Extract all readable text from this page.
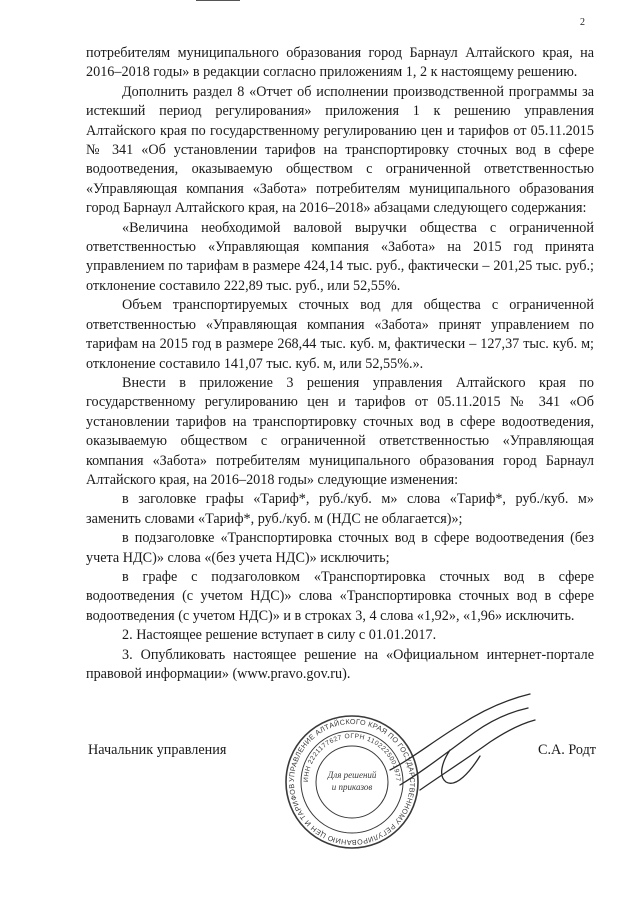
2

потребителям муниципального образования город Барнаул Алтайского края, на 2016–2018 годы» в редакции согласно приложениям 1, 2 к настоящему решению.

Дополнить раздел 8 «Отчет об исполнении производственной программы за истекший период регулирования» приложения 1 к решению управления Алтайского края по государственному регулированию цен и тарифов от 05.11.2015 № 341 «Об установлении тарифов на транспортировку сточных вод в сфере водоотведения, оказываемую обществом с ограниченной ответственностью «Управляющая компания «Забота» потребителям муниципального образования город Барнаул Алтайского края, на 2016–2018» абзацами следующего содержания:

«Величина необходимой валовой выручки общества с ограниченной ответственностью «Управляющая компания «Забота» на 2015 год принята управлением по тарифам в размере 424,14 тыс. руб., фактически – 201,25 тыс. руб.; отклонение составило 222,89 тыс. руб., или 52,55%.

Объем транспортируемых сточных вод для общества с ограниченной ответственностью «Управляющая компания «Забота» принят управлением по тарифам на 2015 год в размере 268,44 тыс. куб. м, фактически – 127,37 тыс. куб. м; отклонение составило 141,07 тыс. куб. м, или 52,55%.».

Внести в приложение 3 решения управления Алтайского края по государственному регулированию цен и тарифов от 05.11.2015 № 341 «Об установлении тарифов на транспортировку сточных вод в сфере водоотведения, оказываемую обществом с ограниченной ответственностью «Управляющая компания «Забота» потребителям муниципального образования город Барнаул Алтайского края, на 2016–2018 годы» следующие изменения:

в заголовке графы «Тариф*, руб./куб. м» слова «Тариф*, руб./куб. м» заменить словами «Тариф*, руб./куб. м (НДС не облагается)»;

в подзаголовке «Транспортировка сточных вод в сфере водоотведения (без учета НДС)» слова «(без учета НДС)» исключить;

в графе с подзаголовком «Транспортировка сточных вод в сфере водоотведения (с учетом НДС)» слова «Транспортировка сточных вод в сфере водоотведения (с учетом НДС)» и в строках 3, 4 слова «1,92», «1,96» исключить.

2. Настоящее решение вступает в силу с 01.01.2017.

3. Опубликовать настоящее решение на «Официальном интернет-портале правовой информации» (www.pravo.gov.ru).

УПРАВЛЕНИЕ АЛТАЙСКОГО КРАЯ ПО ГОСУДАРСТВЕННОМУ РЕГУЛИРОВАНИЮ ЦЕН И ТАРИФОВ
ИНН 2221177627 ОГРН 1102225001977
Для решений
и приказов
Начальник управления	С.А. Родт
